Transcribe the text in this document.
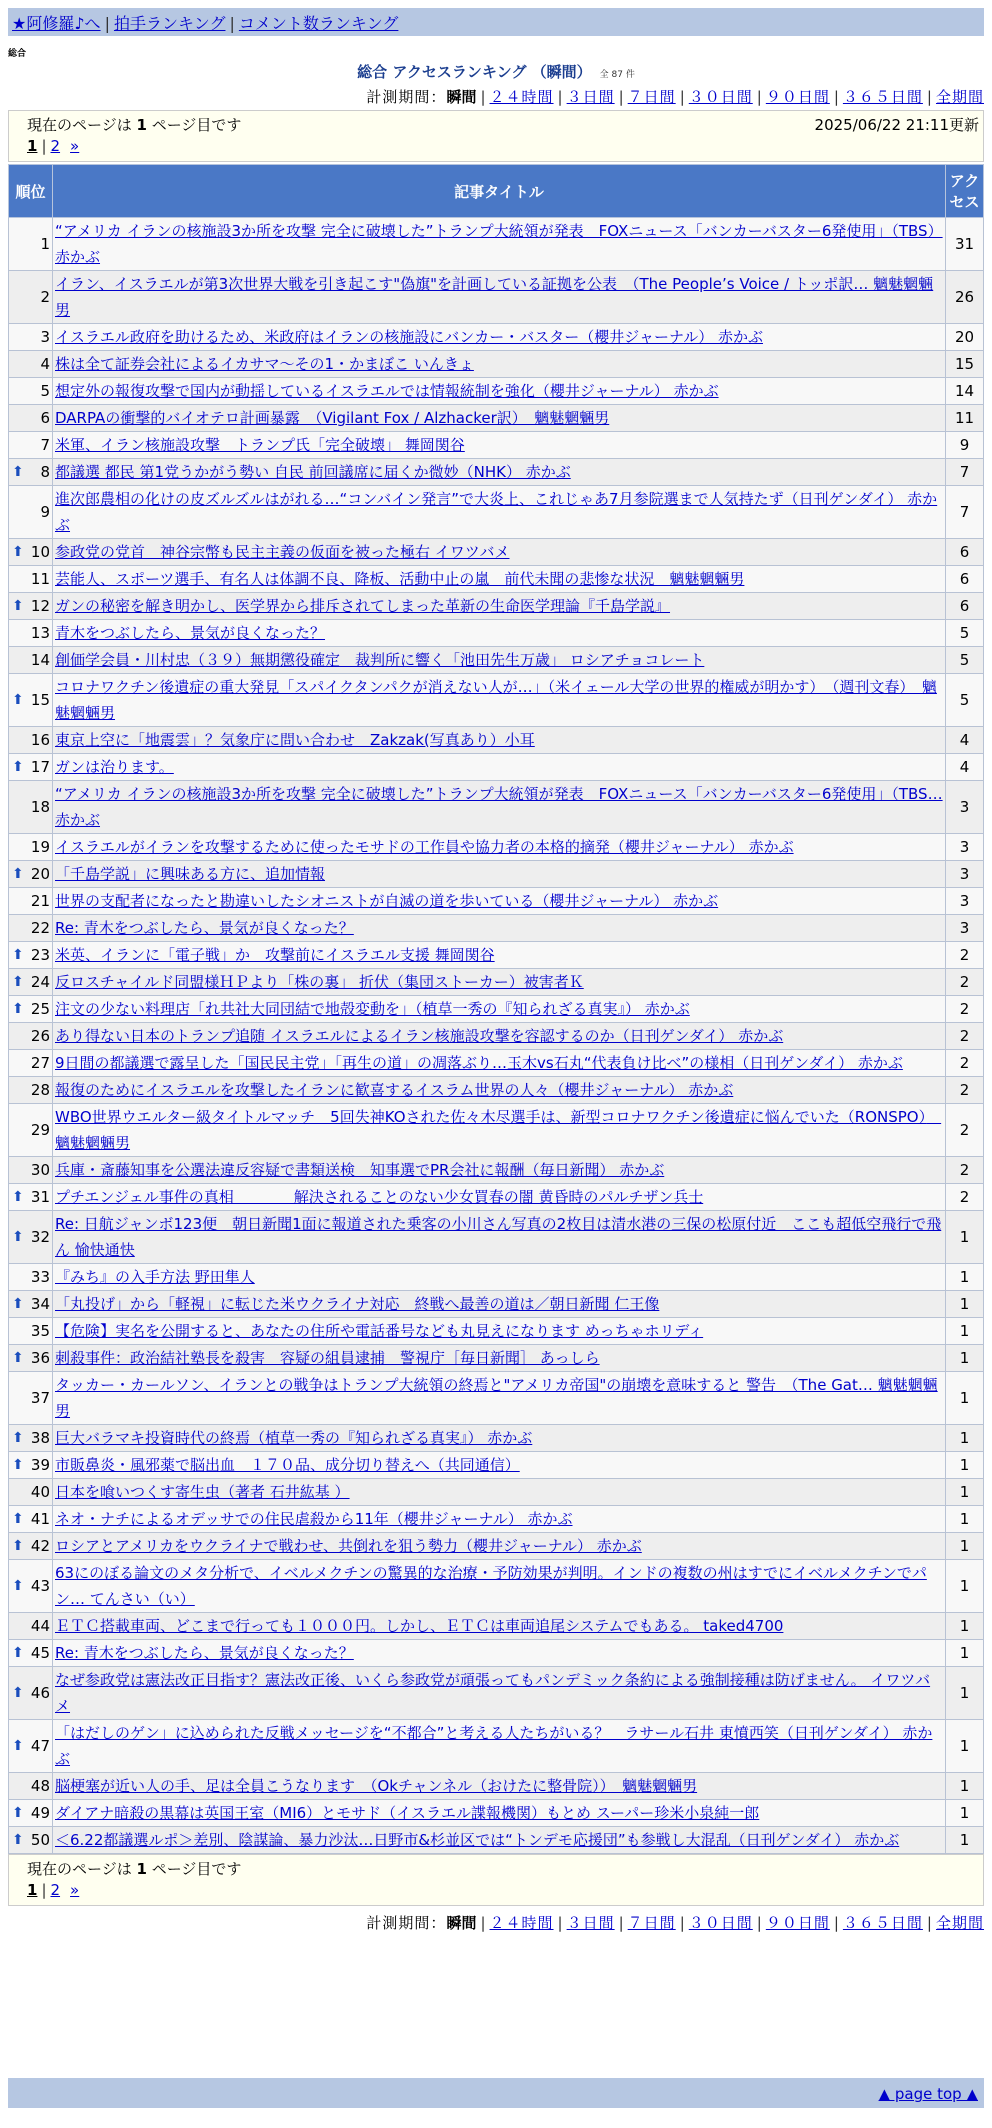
★阿修羅♪へ | 拍手ランキング | コメント数ランキング
総合
総合 アクセスランキング （瞬間） 全 87 件
計測期間：瞬間 | ２４時間 | ３日間 | ７日間 | ３０日間 | ９０日間 | ３６５日間 | 全期間
現在のページは 1 ページ目です
1 | 2 »
2025/06/22 21:11更新
順位	記事タイトル	アクセス
1	“アメリカ イランの核施設3か所を攻撃 完全に破壊した”トランプ大統領が発表　FOXニュース「バンカーバスター6発使用」（TBS）赤かぶ	31
2	イラン、イスラエルが第3次世界大戦を引き起こす"偽旗"を計画している証拠を公表　（The People’s Voice / トッポ訳… 魑魅魍魎男	26
3	イスラエル政府を助けるため、米政府はイランの核施設にバンカー・バスター（櫻井ジャーナル） 赤かぶ	20
4	株は全て証券会社によるイカサマ〜その1・かまぼこ いんきょ	15
5	想定外の報復攻撃で国内が動揺しているイスラエルでは情報統制を強化（櫻井ジャーナル） 赤かぶ	14
6	DARPAの衝撃的バイオテロ計画暴露　（Vigilant Fox / Alzhacker訳）　魑魅魍魎男	11
7	米軍、イラン核施設攻撃　トランプ氏「完全破壊」 舞岡関谷	9

⬆ 8	都議選 都民 第1党うかがう勢い 自民 前回議席に届くか微妙（NHK） 赤かぶ	7
9	進次郎農相の化けの皮ズルズルはがれる…“コンバイン発言”で大炎上、これじゃあ7月参院選まで人気持たず（日刊ゲンダイ） 赤かぶ	7

⬆ 10	参政党の党首　神谷宗幣も民主主義の仮面を被った極右 イワツバメ	6
11	芸能人、スポーツ選手、有名人は体調不良、降板、活動中止の嵐　前代未聞の悲惨な状況　魑魅魍魎男	6

⬆ 12	ガンの秘密を解き明かし、医学界から排斥されてしまった革新の生命医学理論『千島学説』	6
13	青木をつぶしたら、景気が良くなった？	5
14	創価学会員・川村忠（３９）無期懲役確定　裁判所に響く「池田先生万歳」 ロシアチョコレート	5

⬆ 15	コロナワクチン後遺症の重大発見「スパイクタンパクが消えない人が…」（米イェール大学の世界的権威が明かす）　（週刊文春）　魑魅魍魎男	5
16	東京上空に「地震雲」？気象庁に問い合わせ　Zakzak(写真あり）小耳	4

⬆ 17	ガンは治ります。	4
18	“アメリカ イランの核施設3か所を攻撃 完全に破壊した”トランプ大統領が発表　FOXニュース「バンカーバスター6発使用」（TBS… 赤かぶ	3
19	イスラエルがイランを攻撃するために使ったモサドの工作員や協力者の本格的摘発（櫻井ジャーナル） 赤かぶ	3

⬆ 20	「千島学説」に興味ある方に、追加情報	3
21	世界の支配者になったと勘違いしたシオニストが自滅の道を歩いている（櫻井ジャーナル） 赤かぶ	3
22	Re: 青木をつぶしたら、景気が良くなった？	3

⬆ 23	米英、イランに「電子戦」か　攻撃前にイスラエル支援 舞岡関谷	2

⬆ 24	反ロスチャイルド同盟様ＨＰより「株の裏」 折伏（集団ストーカー）被害者Ｋ	2

⬆ 25	注文の少ない料理店「れ共社大同団結で地殻変動を」（植草一秀の『知られざる真実』） 赤かぶ	2
26	あり得ない日本のトランプ追随 イスラエルによるイラン核施設攻撃を容認するのか（日刊ゲンダイ） 赤かぶ	2
27	9日間の都議選で露呈した「国民民主党」「再生の道」の凋落ぶり…玉木vs石丸“代表負け比べ”の様相（日刊ゲンダイ） 赤かぶ	2
28	報復のためにイスラエルを攻撃したイランに歓喜するイスラム世界の人々（櫻井ジャーナル） 赤かぶ	2
29	WBO世界ウエルター級タイトルマッチ　5回失神KOされた佐々木尽選手は、新型コロナワクチン後遺症に悩んでいた（RONSPO）　魑魅魍魎男	2
30	兵庫・斎藤知事を公選法違反容疑で書類送検　知事選でPR会社に報酬（毎日新聞） 赤かぶ	2

⬆ 31	プチエンジェル事件の真相　　　　解決されることのない少女買春の闇 黄昏時のパルチザン兵士	2

⬆ 32	Re: 日航ジャンボ123便　朝日新聞1面に報道された乗客の小川さん写真の2枚目は清水港の三保の松原付近　ここも超低空飛行で飛ん 愉快通快	1
33	『みち』の入手方法 野田隼人	1

⬆ 34	「丸投げ」から「軽視」に転じた米ウクライナ対応　終戦へ最善の道は／朝日新聞 仁王像	1
35	【危険】実名を公開すると、あなたの住所や電話番号なども丸見えになります めっちゃホリディ	1

⬆ 36	刺殺事件：政治結社塾長を殺害　容疑の組員逮捕　警視庁［毎日新聞］ あっしら	1
37	タッカー・カールソン、イランとの戦争はトランプ大統領の終焉と"アメリカ帝国"の崩壊を意味すると 警告　（The Gat… 魑魅魍魎男	1

⬆ 38	巨大バラマキ投資時代の終焉（植草一秀の『知られざる真実』） 赤かぶ	1

⬆ 39	市販鼻炎・風邪薬で脳出血　１７０品、成分切り替えへ（共同通信）	1
40	日本を喰いつくす寄生虫（著者 石井紘基 ）	1

⬆ 41	ネオ・ナチによるオデッサでの住民虐殺から11年（櫻井ジャーナル） 赤かぶ	1

⬆ 42	ロシアとアメリカをウクライナで戦わせ、共倒れを狙う勢力（櫻井ジャーナル） 赤かぶ	1

⬆ 43	63にのぼる論文のメタ分析で、イベルメクチンの驚異的な治療・予防効果が判明。インドの複数の州はすでにイベルメクチンでパン… てんさい（い）	1
44	ＥＴＣ搭載車両、どこまで行っても１０００円。しかし、ＥＴＣは車両追尾システムでもある。 taked4700	1

⬆ 45	Re: 青木をつぶしたら、景気が良くなった？	1

⬆ 46	なぜ参政党は憲法改正目指す？憲法改正後、いくら参政党が頑張ってもパンデミック条約による強制接種は防げません。 イワツバメ	1

⬆ 47	「はだしのゲン」に込められた反戦メッセージを“不都合”と考える人たちがいる？　ラサール石井 東憤西笑（日刊ゲンダイ） 赤かぶ	1
48	脳梗塞が近い人の手、足は全員こうなります　（Okチャンネル（おけたに整骨院））　魑魅魍魎男	1

⬆ 49	ダイアナ暗殺の黒幕は英国王室（MI6）とモサド（イスラエル諜報機関）もとめ スーパー珍米小泉純一郎	1

⬆ 50	＜6.22都議選ルポ＞差別、陰謀論、暴力沙汰…日野市&杉並区では“トンデモ応援団”も参戦し大混乱（日刊ゲンダイ） 赤かぶ	1
現在のページは 1 ページ目です
1 | 2 »
計測期間：瞬間 | ２４時間 | ３日間 | ７日間 | ３０日間 | ９０日間 | ３６５日間 | 全期間
▲ page top ▲
